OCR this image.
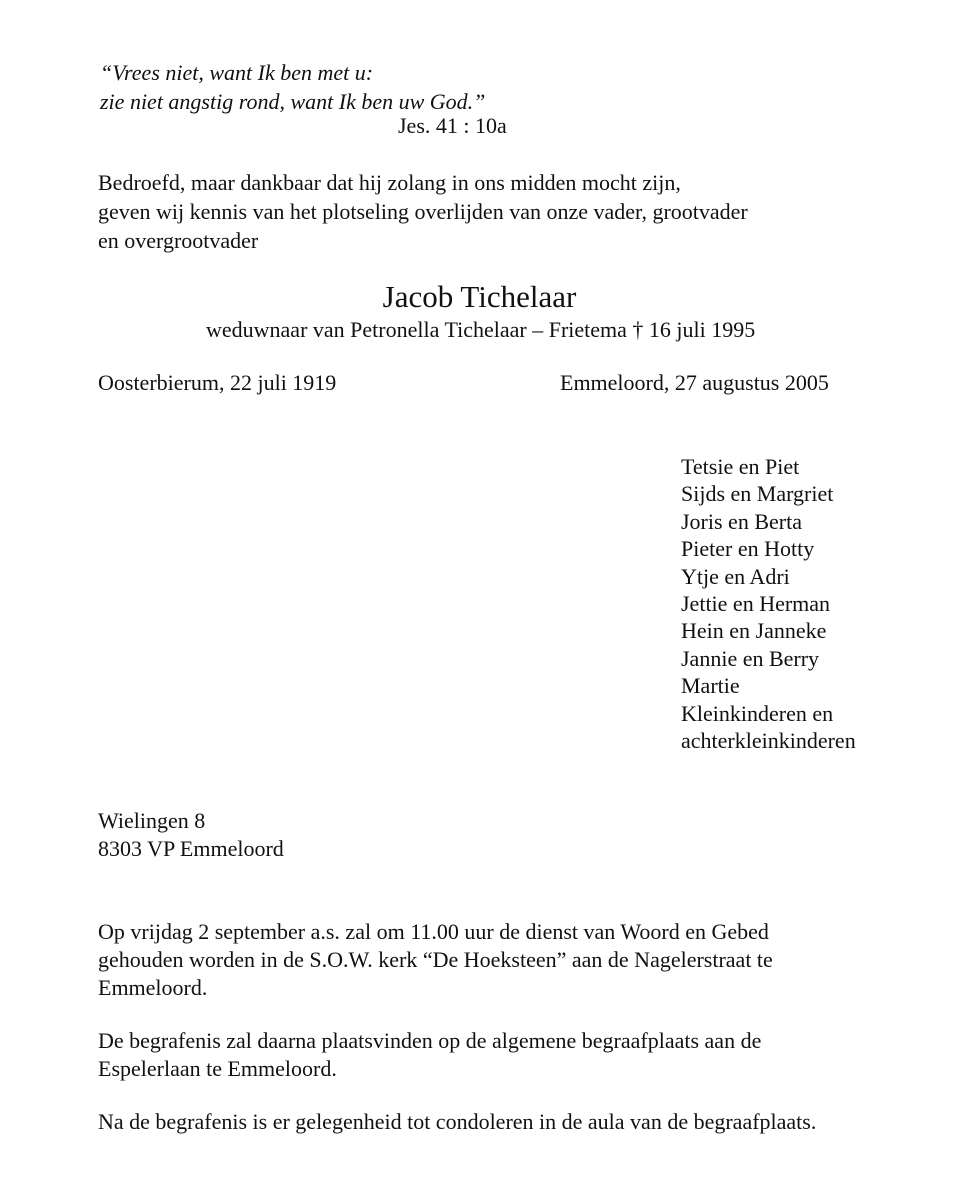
“Vrees niet, want Ik ben met u:
zie niet angstig rond, want Ik ben uw God.”
Jes. 41 : 10a
Bedroefd, maar dankbaar dat hij zolang in ons midden mocht zijn,
geven wij kennis van het plotseling overlijden van onze vader, grootvader
en overgrootvader
Jacob Tichelaar
weduwnaar van Petronella Tichelaar – Frietema † 16 juli 1995
Oosterbierum, 22 juli 1919	Emmeloord, 27 augustus 2005
Tetsie en Piet
Sijds en Margriet
Joris en Berta
Pieter en Hotty
Ytje en Adri
Jettie en Herman
Hein en Janneke
Jannie en Berry
Martie
Kleinkinderen en
achterkleinkinderen
Wielingen 8
8303 VP Emmeloord
Op vrijdag 2 september a.s. zal om 11.00 uur de dienst van Woord en Gebed
gehouden worden in de S.O.W. kerk “De Hoeksteen” aan de Nagelerstraat te
Emmeloord.
De begrafenis zal daarna plaatsvinden op de algemene begraafplaats aan de
Espelerlaan te Emmeloord.
Na de begrafenis is er gelegenheid tot condoleren in de aula van de begraafplaats.
